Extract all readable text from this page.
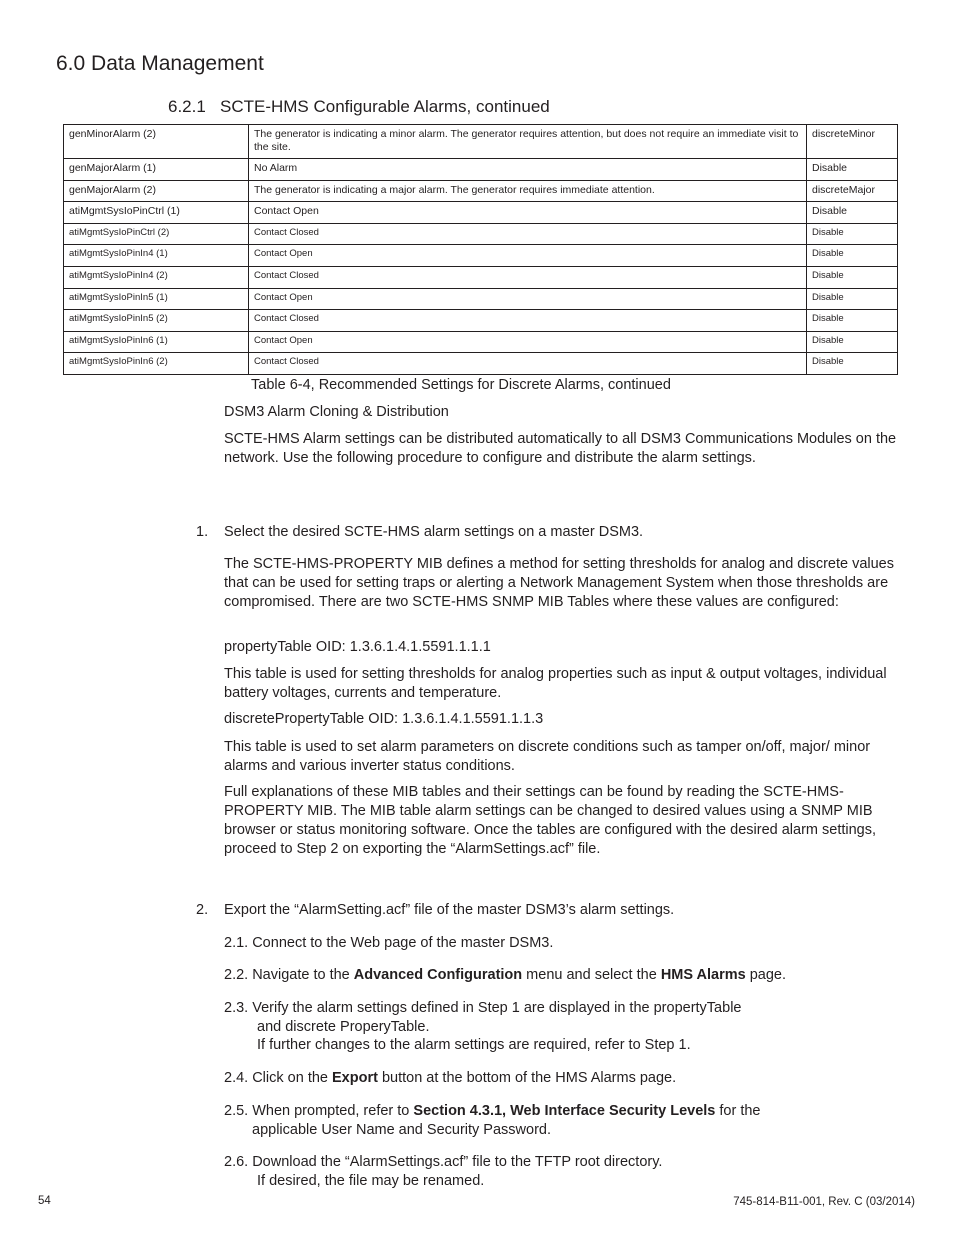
6.0 Data Management
6.2.1   SCTE-HMS Configurable Alarms, continued
genMinorAlarm (2)	The generator is indicating a minor alarm. The generator requires attention, but does not require an immediate visit to the site.	discreteMinor
genMajorAlarm (1)	No Alarm	Disable
genMajorAlarm (2)	The generator is indicating a major alarm. The generator requires immediate attention.	discreteMajor
atiMgmtSysIoPinCtrl (1)	Contact Open	Disable
atiMgmtSysIoPinCtrl (2)	Contact Closed	Disable
atiMgmtSysIoPinIn4 (1)	Contact Open	Disable
atiMgmtSysIoPinIn4 (2)	Contact Closed	Disable
atiMgmtSysIoPinIn5 (1)	Contact Open	Disable
atiMgmtSysIoPinIn5 (2)	Contact Closed	Disable
atiMgmtSysIoPinIn6 (1)	Contact Open	Disable
atiMgmtSysIoPinIn6 (2)	Contact Closed	Disable
Table 6-4, Recommended Settings for Discrete Alarms, continued
DSM3 Alarm Cloning & Distribution
SCTE-HMS Alarm settings can be distributed automatically to all DSM3 Communications Modules on the network. Use the following procedure to configure and distribute the alarm settings.
1. Select the desired SCTE-HMS alarm settings on a master DSM3.
The SCTE-HMS-PROPERTY MIB defines a method for setting thresholds for analog and discrete values that can be used for setting traps or alerting a Network Management System when those thresholds are compromised. There are two SCTE-HMS SNMP MIB Tables where these values are configured:
propertyTable OID: 1.3.6.1.4.1.5591.1.1.1
This table is used for setting thresholds for analog properties such as input & output voltages, individual battery voltages, currents and temperature.
discretePropertyTable OID: 1.3.6.1.4.1.5591.1.1.3
This table is used to set alarm parameters on discrete conditions such as tamper on/off, major/ minor alarms and various inverter status conditions.
Full explanations of these MIB tables and their settings can be found by reading the SCTE-HMS-PROPERTY MIB. The MIB table alarm settings can be changed to desired values using a SNMP MIB browser or status monitoring software. Once the tables are configured with the desired alarm settings, proceed to Step 2 on exporting the “AlarmSettings.acf” file.
2. Export the “AlarmSetting.acf” file of the master DSM3’s alarm settings.
2.1. Connect to the Web page of the master DSM3.
2.2. Navigate to the Advanced Configuration menu and select the HMS Alarms page.
2.3. Verify the alarm settings defined in Step 1 are displayed in the propertyTable
and discrete ProperyTable.
If further changes to the alarm settings are required, refer to Step 1.
2.4. Click on the Export button at the bottom of the HMS Alarms page.
2.5. When prompted, refer to Section 4.3.1, Web Interface Security Levels for the
applicable User Name and Security Password.
2.6. Download the “AlarmSettings.acf” file to the TFTP root directory.
If desired, the file may be renamed.
54	745-814-B11-001, Rev. C (03/2014)
